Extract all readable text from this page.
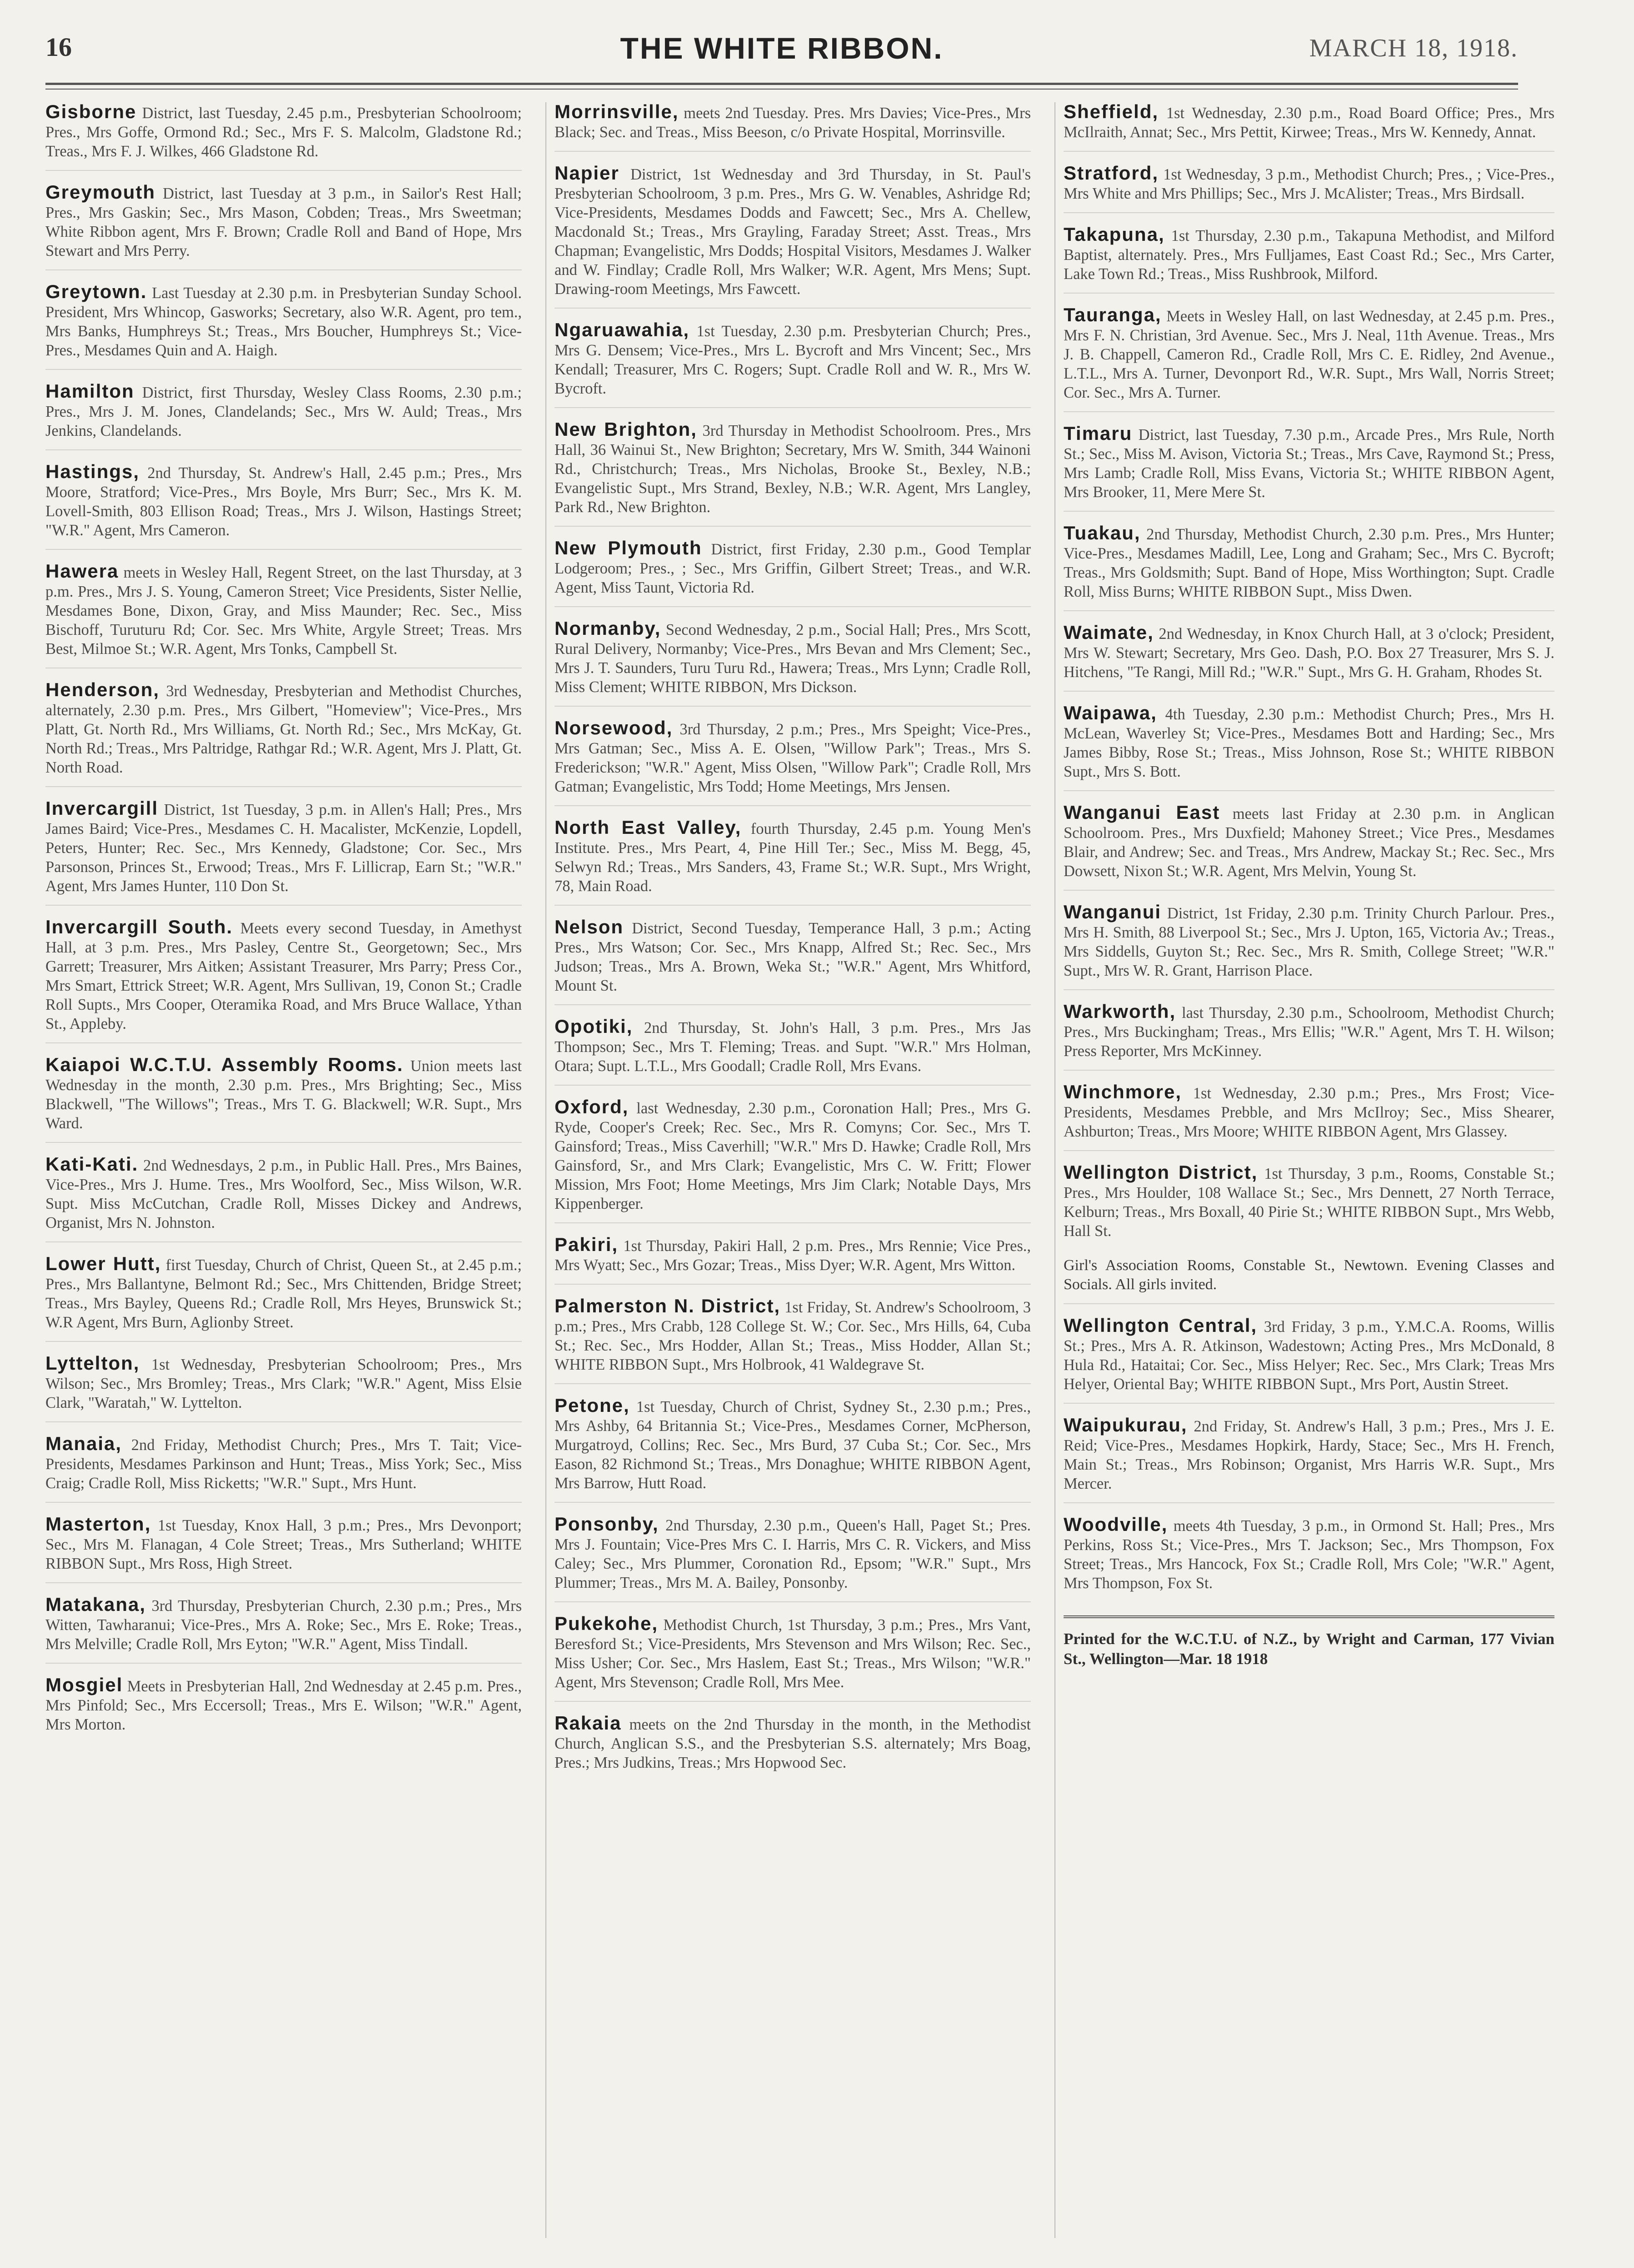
16	THE WHITE RIBBON.	MARCH 18, 1918.
Gisborne District, last Tuesday, 2.45 p.m., Presbyterian Schoolroom; Pres., Mrs Goffe, Ormond Rd.; Sec., Mrs F. S. Malcolm, Gladstone Rd.; Treas., Mrs F. J. Wilkes, 466 Gladstone Rd.
Greymouth District, last Tuesday at 3 p.m., in Sailor's Rest Hall; Pres., Mrs Gaskin; Sec., Mrs Mason, Cobden; Treas., Mrs Sweetman; White Ribbon agent, Mrs F. Brown; Cradle Roll and Band of Hope, Mrs Stewart and Mrs Perry.
Greytown. Last Tuesday at 2.30 p.m. in Presbyterian Sunday School. President, Mrs Whincop, Gasworks; Secretary, also W.R. Agent, pro tem., Mrs Banks, Humphreys St.; Treas., Mrs Boucher, Humphreys St.; Vice-Pres., Mesdames Quin and A. Haigh.
Hamilton District, first Thursday, Wesley Class Rooms, 2.30 p.m.; Pres., Mrs J. M. Jones, Clandelands; Sec., Mrs W. Auld; Treas., Mrs Jenkins, Clandelands.
Hastings, 2nd Thursday, St. Andrew's Hall, 2.45 p.m.; Pres., Mrs Moore, Stratford; Vice-Pres., Mrs Boyle, Mrs Burr; Sec., Mrs K. M. Lovell-Smith, 803 Ellison Road; Treas., Mrs J. Wilson, Hastings Street; "W.R." Agent, Mrs Cameron.
Hawera meets in Wesley Hall, Regent Street, on the last Thursday, at 3 p.m. Pres., Mrs J. S. Young, Cameron Street; Vice Presidents, Sister Nellie, Mesdames Bone, Dixon, Gray, and Miss Maunder; Rec. Sec., Miss Bischoff, Turuturu Rd; Cor. Sec. Mrs White, Argyle Street; Treas. Mrs Best, Milmoe St.; W.R. Agent, Mrs Tonks, Campbell St.
Henderson, 3rd Wednesday, Presbyterian and Methodist Churches, alternately, 2.30 p.m. Pres., Mrs Gilbert, "Homeview"; Vice-Pres., Mrs Platt, Gt. North Rd., Mrs Williams, Gt. North Rd.; Sec., Mrs McKay, Gt. North Rd.; Treas., Mrs Paltridge, Rathgar Rd.; W.R. Agent, Mrs J. Platt, Gt. North Road.
Invercargill District, 1st Tuesday, 3 p.m. in Allen's Hall; Pres., Mrs James Baird; Vice-Pres., Mesdames C. H. Macalister, McKenzie, Lopdell, Peters, Hunter; Rec. Sec., Mrs Kennedy, Gladstone; Cor. Sec., Mrs Parsonson, Princes St., Erwood; Treas., Mrs F. Lillicrap, Earn St.; "W.R." Agent, Mrs James Hunter, 110 Don St.
Invercargill South. Meets every second Tuesday, in Amethyst Hall, at 3 p.m. Pres., Mrs Pasley, Centre St., Georgetown; Sec., Mrs Garrett; Treasurer, Mrs Aitken; Assistant Treasurer, Mrs Parry; Press Cor., Mrs Smart, Ettrick Street; W.R. Agent, Mrs Sullivan, 19, Conon St.; Cradle Roll Supts., Mrs Cooper, Oteramika Road, and Mrs Bruce Wallace, Ythan St., Appleby.
Kaiapoi W.C.T.U. Assembly Rooms. Union meets last Wednesday in the month, 2.30 p.m. Pres., Mrs Brighting; Sec., Miss Blackwell, "The Willows"; Treas., Mrs T. G. Blackwell; W.R. Supt., Mrs Ward.
Kati-Kati. 2nd Wednesdays, 2 p.m., in Public Hall. Pres., Mrs Baines, Vice-Pres., Mrs J. Hume. Tres., Mrs Woolford, Sec., Miss Wilson, W.R. Supt. Miss McCutchan, Cradle Roll, Misses Dickey and Andrews, Organist, Mrs N. Johnston.
Lower Hutt, first Tuesday, Church of Christ, Queen St., at 2.45 p.m.; Pres., Mrs Ballantyne, Belmont Rd.; Sec., Mrs Chittenden, Bridge Street; Treas., Mrs Bayley, Queens Rd.; Cradle Roll, Mrs Heyes, Brunswick St.; W.R Agent, Mrs Burn, Aglionby Street.
Lyttelton, 1st Wednesday, Presbyterian Schoolroom; Pres., Mrs Wilson; Sec., Mrs Bromley; Treas., Mrs Clark; "W.R." Agent, Miss Elsie Clark, "Waratah," W. Lyttelton.
Manaia, 2nd Friday, Methodist Church; Pres., Mrs T. Tait; Vice-Presidents, Mesdames Parkinson and Hunt; Treas., Miss York; Sec., Miss Craig; Cradle Roll, Miss Ricketts; "W.R." Supt., Mrs Hunt.
Masterton, 1st Tuesday, Knox Hall, 3 p.m.; Pres., Mrs Devonport; Sec., Mrs M. Flanagan, 4 Cole Street; Treas., Mrs Sutherland; WHITE RIBBON Supt., Mrs Ross, High Street.
Matakana, 3rd Thursday, Presbyterian Church, 2.30 p.m.; Pres., Mrs Witten, Tawharanui; Vice-Pres., Mrs A. Roke; Sec., Mrs E. Roke; Treas., Mrs Melville; Cradle Roll, Mrs Eyton; "W.R." Agent, Miss Tindall.
Mosgiel Meets in Presbyterian Hall, 2nd Wednesday at 2.45 p.m. Pres., Mrs Pinfold; Sec., Mrs Eccersoll; Treas., Mrs E. Wilson; "W.R." Agent, Mrs Morton.
Morrinsville, meets 2nd Tuesday. Pres. Mrs Davies; Vice-Pres., Mrs Black; Sec. and Treas., Miss Beeson, c/o Private Hospital, Morrinsville.
Napier District, 1st Wednesday and 3rd Thursday, in St. Paul's Presbyterian Schoolroom, 3 p.m. Pres., Mrs G. W. Venables, Ashridge Rd; Vice-Presidents, Mesdames Dodds and Fawcett; Sec., Mrs A. Chellew, Macdonald St.; Treas., Mrs Grayling, Faraday Street; Asst. Treas., Mrs Chapman; Evangelistic, Mrs Dodds; Hospital Visitors, Mesdames J. Walker and W. Findlay; Cradle Roll, Mrs Walker; W.R. Agent, Mrs Mens; Supt. Drawing-room Meetings, Mrs Fawcett.
Ngaruawahia, 1st Tuesday, 2.30 p.m. Presbyterian Church; Pres., Mrs G. Densem; Vice-Pres., Mrs L. Bycroft and Mrs Vincent; Sec., Mrs Kendall; Treasurer, Mrs C. Rogers; Supt. Cradle Roll and W. R., Mrs W. Bycroft.
New Brighton, 3rd Thursday in Methodist Schoolroom. Pres., Mrs Hall, 36 Wainui St., New Brighton; Secretary, Mrs W. Smith, 344 Wainoni Rd., Christchurch; Treas., Mrs Nicholas, Brooke St., Bexley, N.B.; Evangelistic Supt., Mrs Strand, Bexley, N.B.; W.R. Agent, Mrs Langley, Park Rd., New Brighton.
New Plymouth District, first Friday, 2.30 p.m., Good Templar Lodgeroom; Pres., ; Sec., Mrs Griffin, Gilbert Street; Treas., and W.R. Agent, Miss Taunt, Victoria Rd.
Normanby, Second Wednesday, 2 p.m., Social Hall; Pres., Mrs Scott, Rural Delivery, Normanby; Vice-Pres., Mrs Bevan and Mrs Clement; Sec., Mrs J. T. Saunders, Turu Turu Rd., Hawera; Treas., Mrs Lynn; Cradle Roll, Miss Clement; WHITE RIBBON, Mrs Dickson.
Norsewood, 3rd Thursday, 2 p.m.; Pres., Mrs Speight; Vice-Pres., Mrs Gatman; Sec., Miss A. E. Olsen, "Willow Park"; Treas., Mrs S. Frederickson; "W.R." Agent, Miss Olsen, "Willow Park"; Cradle Roll, Mrs Gatman; Evangelistic, Mrs Todd; Home Meetings, Mrs Jensen.
North East Valley, fourth Thursday, 2.45 p.m. Young Men's Institute. Pres., Mrs Peart, 4, Pine Hill Ter.; Sec., Miss M. Begg, 45, Selwyn Rd.; Treas., Mrs Sanders, 43, Frame St.; W.R. Supt., Mrs Wright, 78, Main Road.
Nelson District, Second Tuesday, Temperance Hall, 3 p.m.; Acting Pres., Mrs Watson; Cor. Sec., Mrs Knapp, Alfred St.; Rec. Sec., Mrs Judson; Treas., Mrs A. Brown, Weka St.; "W.R." Agent, Mrs Whitford, Mount St.
Opotiki, 2nd Thursday, St. John's Hall, 3 p.m. Pres., Mrs Jas Thompson; Sec., Mrs T. Fleming; Treas. and Supt. "W.R." Mrs Holman, Otara; Supt. L.T.L., Mrs Goodall; Cradle Roll, Mrs Evans.
Oxford, last Wednesday, 2.30 p.m., Coronation Hall; Pres., Mrs G. Ryde, Cooper's Creek; Rec. Sec., Mrs R. Comyns; Cor. Sec., Mrs T. Gainsford; Treas., Miss Caverhill; "W.R." Mrs D. Hawke; Cradle Roll, Mrs Gainsford, Sr., and Mrs Clark; Evangelistic, Mrs C. W. Fritt; Flower Mission, Mrs Foot; Home Meetings, Mrs Jim Clark; Notable Days, Mrs Kippenberger.
Pakiri, 1st Thursday, Pakiri Hall, 2 p.m. Pres., Mrs Rennie; Vice Pres., Mrs Wyatt; Sec., Mrs Gozar; Treas., Miss Dyer; W.R. Agent, Mrs Witton.
Palmerston N. District, 1st Friday, St. Andrew's Schoolroom, 3 p.m.; Pres., Mrs Crabb, 128 College St. W.; Cor. Sec., Mrs Hills, 64, Cuba St.; Rec. Sec., Mrs Hodder, Allan St.; Treas., Miss Hodder, Allan St.; WHITE RIBBON Supt., Mrs Holbrook, 41 Waldegrave St.
Petone, 1st Tuesday, Church of Christ, Sydney St., 2.30 p.m.; Pres., Mrs Ashby, 64 Britannia St.; Vice-Pres., Mesdames Corner, McPherson, Murgatroyd, Collins; Rec. Sec., Mrs Burd, 37 Cuba St.; Cor. Sec., Mrs Eason, 82 Richmond St.; Treas., Mrs Donaghue; WHITE RIBBON Agent, Mrs Barrow, Hutt Road.
Ponsonby, 2nd Thursday, 2.30 p.m., Queen's Hall, Paget St.; Pres. Mrs J. Fountain; Vice-Pres Mrs C. I. Harris, Mrs C. R. Vickers, and Miss Caley; Sec., Mrs Plummer, Coronation Rd., Epsom; "W.R." Supt., Mrs Plummer; Treas., Mrs M. A. Bailey, Ponsonby.
Pukekohe, Methodist Church, 1st Thursday, 3 p.m.; Pres., Mrs Vant, Beresford St.; Vice-Presidents, Mrs Stevenson and Mrs Wilson; Rec. Sec., Miss Usher; Cor. Sec., Mrs Haslem, East St.; Treas., Mrs Wilson; "W.R." Agent, Mrs Stevenson; Cradle Roll, Mrs Mee.
Rakaia meets on the 2nd Thursday in the month, in the Methodist Church, Anglican S.S., and the Presbyterian S.S. alternately; Mrs Boag, Pres.; Mrs Judkins, Treas.; Mrs Hopwood Sec.
Sheffield, 1st Wednesday, 2.30 p.m., Road Board Office; Pres., Mrs McIlraith, Annat; Sec., Mrs Pettit, Kirwee; Treas., Mrs W. Kennedy, Annat.
Stratford, 1st Wednesday, 3 p.m., Methodist Church; Pres., ; Vice-Pres., Mrs White and Mrs Phillips; Sec., Mrs J. McAlister; Treas., Mrs Birdsall.
Takapuna, 1st Thursday, 2.30 p.m., Takapuna Methodist, and Milford Baptist, alternately. Pres., Mrs Fulljames, East Coast Rd.; Sec., Mrs Carter, Lake Town Rd.; Treas., Miss Rushbrook, Milford.
Tauranga, Meets in Wesley Hall, on last Wednesday, at 2.45 p.m. Pres., Mrs F. N. Christian, 3rd Avenue. Sec., Mrs J. Neal, 11th Avenue. Treas., Mrs J. B. Chappell, Cameron Rd., Cradle Roll, Mrs C. E. Ridley, 2nd Avenue., L.T.L., Mrs A. Turner, Devonport Rd., W.R. Supt., Mrs Wall, Norris Street; Cor. Sec., Mrs A. Turner.
Timaru District, last Tuesday, 7.30 p.m., Arcade Pres., Mrs Rule, North St.; Sec., Miss M. Avison, Victoria St.; Treas., Mrs Cave, Raymond St.; Press, Mrs Lamb; Cradle Roll, Miss Evans, Victoria St.; WHITE RIBBON Agent, Mrs Brooker, 11, Mere Mere St.
Tuakau, 2nd Thursday, Methodist Church, 2.30 p.m. Pres., Mrs Hunter; Vice-Pres., Mesdames Madill, Lee, Long and Graham; Sec., Mrs C. Bycroft; Treas., Mrs Goldsmith; Supt. Band of Hope, Miss Worthington; Supt. Cradle Roll, Miss Burns; WHITE RIBBON Supt., Miss Dwen.
Waimate, 2nd Wednesday, in Knox Church Hall, at 3 o'clock; President, Mrs W. Stewart; Secretary, Mrs Geo. Dash, P.O. Box 27 Treasurer, Mrs S. J. Hitchens, "Te Rangi, Mill Rd.; "W.R." Supt., Mrs G. H. Graham, Rhodes St.
Waipawa, 4th Tuesday, 2.30 p.m.: Methodist Church; Pres., Mrs H. McLean, Waverley St; Vice-Pres., Mesdames Bott and Harding; Sec., Mrs James Bibby, Rose St.; Treas., Miss Johnson, Rose St.; WHITE RIBBON Supt., Mrs S. Bott.
Wanganui East meets last Friday at 2.30 p.m. in Anglican Schoolroom. Pres., Mrs Duxfield; Mahoney Street.; Vice Pres., Mesdames Blair, and Andrew; Sec. and Treas., Mrs Andrew, Mackay St.; Rec. Sec., Mrs Dowsett, Nixon St.; W.R. Agent, Mrs Melvin, Young St.
Wanganui District, 1st Friday, 2.30 p.m. Trinity Church Parlour. Pres., Mrs H. Smith, 88 Liverpool St.; Sec., Mrs J. Upton, 165, Victoria Av.; Treas., Mrs Siddells, Guyton St.; Rec. Sec., Mrs R. Smith, College Street; "W.R." Supt., Mrs W. R. Grant, Harrison Place.
Warkworth, last Thursday, 2.30 p.m., Schoolroom, Methodist Church; Pres., Mrs Buckingham; Treas., Mrs Ellis; "W.R." Agent, Mrs T. H. Wilson; Press Reporter, Mrs McKinney.
Winchmore, 1st Wednesday, 2.30 p.m.; Pres., Mrs Frost; Vice-Presidents, Mesdames Prebble, and Mrs McIlroy; Sec., Miss Shearer, Ashburton; Treas., Mrs Moore; WHITE RIBBON Agent, Mrs Glassey.
Wellington District, 1st Thursday, 3 p.m., Rooms, Constable St.; Pres., Mrs Houlder, 108 Wallace St.; Sec., Mrs Dennett, 27 North Terrace, Kelburn; Treas., Mrs Boxall, 40 Pirie St.; WHITE RIBBON Supt., Mrs Webb, Hall St.
Girl's Association Rooms, Constable St., Newtown. Evening Classes and Socials. All girls invited.
Wellington Central, 3rd Friday, 3 p.m., Y.M.C.A. Rooms, Willis St.; Pres., Mrs A. R. Atkinson, Wadestown; Acting Pres., Mrs McDonald, 8 Hula Rd., Hataitai; Cor. Sec., Miss Helyer; Rec. Sec., Mrs Clark; Treas Mrs Helyer, Oriental Bay; WHITE RIBBON Supt., Mrs Port, Austin Street.
Waipukurau, 2nd Friday, St. Andrew's Hall, 3 p.m.; Pres., Mrs J. E. Reid; Vice-Pres., Mesdames Hopkirk, Hardy, Stace; Sec., Mrs H. French, Main St.; Treas., Mrs Robinson; Organist, Mrs Harris W.R. Supt., Mrs Mercer.
Woodville, meets 4th Tuesday, 3 p.m., in Ormond St. Hall; Pres., Mrs Perkins, Ross St.; Vice-Pres., Mrs T. Jackson; Sec., Mrs Thompson, Fox Street; Treas., Mrs Hancock, Fox St.; Cradle Roll, Mrs Cole; "W.R." Agent, Mrs Thompson, Fox St.
Printed for the W.C.T.U. of N.Z., by Wright and Carman, 177 Vivian St., Wellington—Mar. 18 1918
